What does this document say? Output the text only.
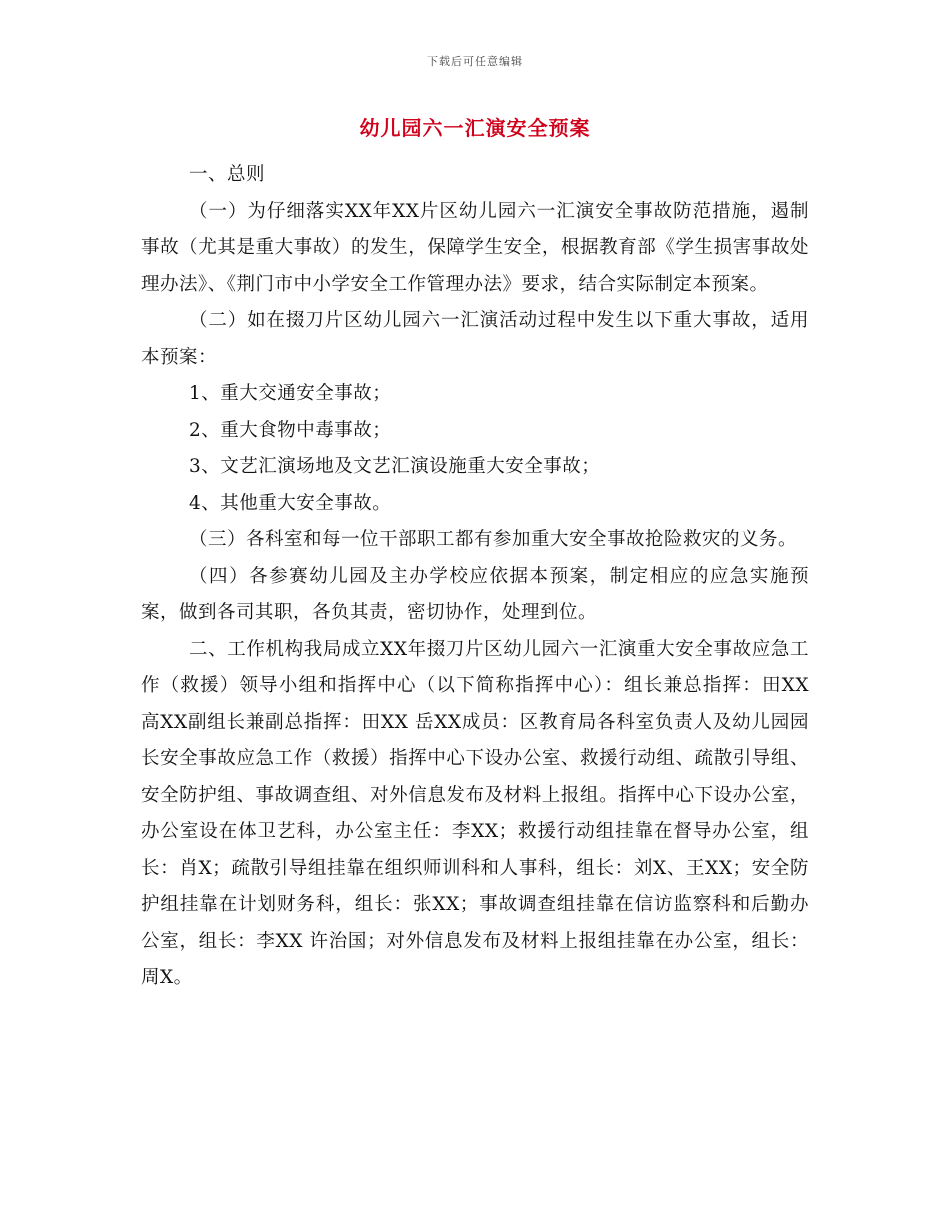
下载后可任意编辑
幼儿园六一汇演安全预案

一、总则

（一）为仔细落实XX年XX片区幼儿园六一汇演安全事故防范措施，遏制事故（尤其是重大事故）的发生，保障学生安全，根据教育部《学生损害事故处理办法》、《荆门市中小学安全工作管理办法》要求，结合实际制定本预案。

（二）如在掇刀片区幼儿园六一汇演活动过程中发生以下重大事故，适用本预案：

1、重大交通安全事故；

2、重大食物中毒事故；

3、文艺汇演场地及文艺汇演设施重大安全事故；

4、其他重大安全事故。

（三）各科室和每一位干部职工都有参加重大安全事故抢险救灾的义务。

（四）各参赛幼儿园及主办学校应依据本预案，制定相应的应急实施预案，做到各司其职，各负其责，密切协作，处理到位。

二、工作机构我局成立XX年掇刀片区幼儿园六一汇演重大安全事故应急工作（救援）领导小组和指挥中心（以下简称指挥中心）：组长兼总指挥：田XX 高XX副组长兼副总指挥：田XX 岳XX成员：区教育局各科室负责人及幼儿园园长安全事故应急工作（救援）指挥中心下设办公室、救援行动组、疏散引导组、安全防护组、事故调查组、对外信息发布及材料上报组。指挥中心下设办公室，办公室设在体卫艺科，办公室主任：李XX；救援行动组挂靠在督导办公室，组长：肖X；疏散引导组挂靠在组织师训科和人事科，组长：刘X、王XX；安全防护组挂靠在计划财务科，组长：张XX；事故调查组挂靠在信访监察科和后勤办公室，组长：李XX 许治国；对外信息发布及材料上报组挂靠在办公室，组长：周X。
